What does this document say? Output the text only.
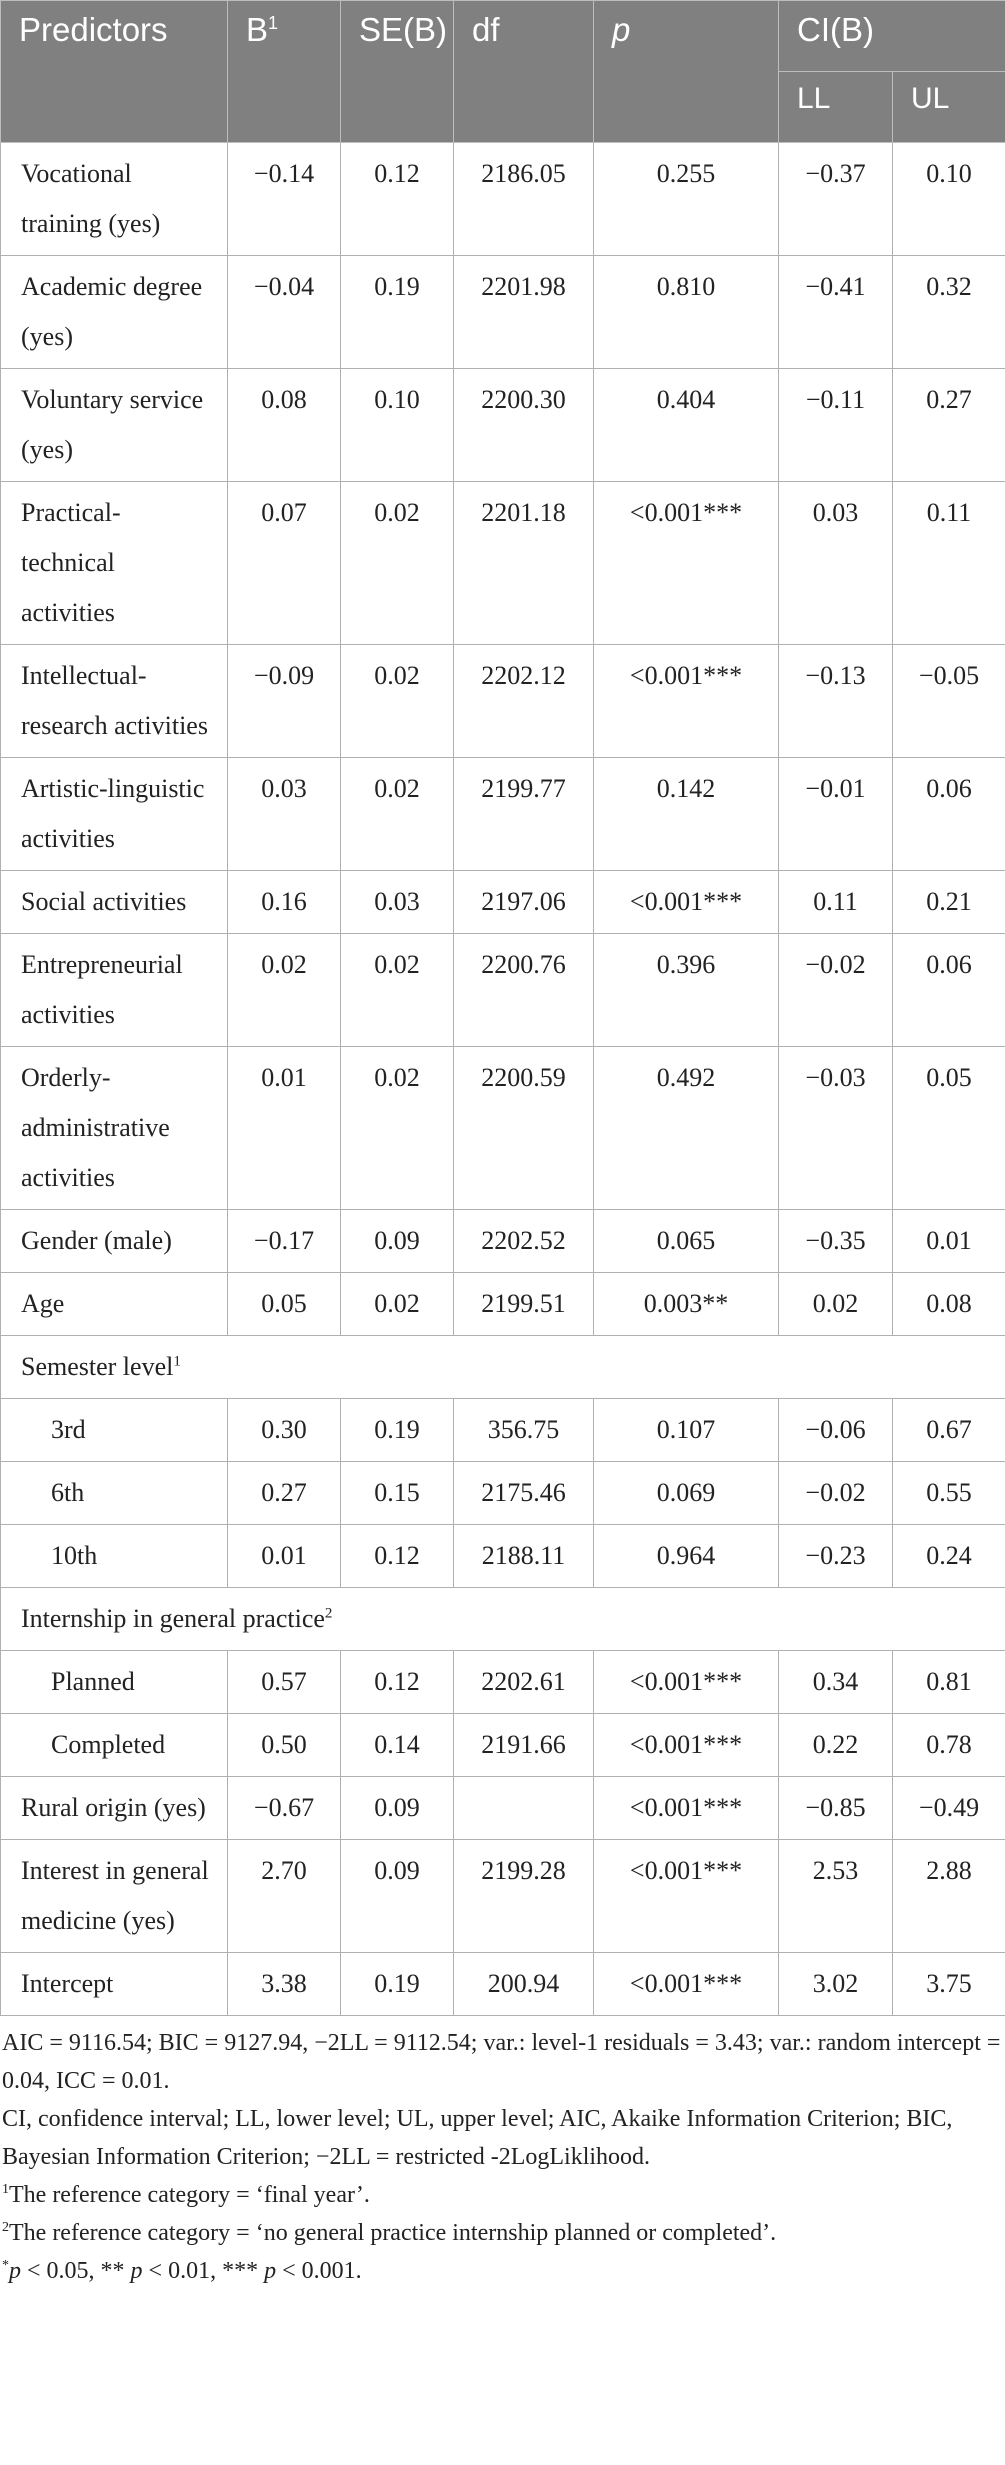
Predictors	$B^1$	SE(B)	df	p	CI(B)	
					LL	UL
Vocational training (yes)	−0.14	0.12	2186.05	0.255	−0.37	0.10
Academic degree (yes)	−0.04	0.19	2201.98	0.810	−0.41	0.32
Voluntary service (yes)	0.08	0.10	2200.30	0.404	−0.11	0.27
Practical-technical activities	0.07	0.02	2201.18	<0.001***	0.03	0.11
Intellectual-research activities	−0.09	0.02	2202.12	<0.001***	−0.13	−0.05
Artistic-linguistic activities	0.03	0.02	2199.77	0.142	−0.01	0.06
Social activities	0.16	0.03	2197.06	<0.001***	0.11	0.21
Entrepreneurial activities	0.02	0.02	2200.76	0.396	−0.02	0.06
Orderly-administrative activities	0.01	0.02	2200.59	0.492	−0.03	0.05
Gender (male)	−0.17	0.09	2202.52	0.065	−0.35	0.01
Age	0.05	0.02	2199.51	0.003**	0.02	0.08
Semester level$^1$
3rd	0.30	0.19	356.75	0.107	−0.06	0.67
6th	0.27	0.15	2175.46	0.069	−0.02	0.55
10th	0.01	0.12	2188.11	0.964	−0.23	0.24
Internship in general practice$^2$
Planned	0.57	0.12	2202.61	<0.001***	0.34	0.81
Completed	0.50	0.14	2191.66	<0.001***	0.22	0.78
Rural origin (yes)	−0.67	0.09		<0.001***	−0.85	−0.49
Interest in general medicine (yes)	2.70	0.09	2199.28	<0.001***	2.53	2.88
Intercept	3.38	0.19	200.94	<0.001***	3.02	3.75

AIC = 9116.54; BIC = 9127.94, −2LL = 9112.54; var.: level-1 residuals = 3.43; var.: random intercept = 0.04, ICC = 0.01.

CI, confidence interval; LL, lower level; UL, upper level; AIC, Akaike Information Criterion; BIC, Bayesian Information Criterion; −2LL = restricted -2LogLiklihood.

$^1$The reference category = ‘final year’.

$^2$The reference category = ‘no general practice internship planned or completed’.

*p < 0.05, ** p < 0.01, *** p < 0.001.
